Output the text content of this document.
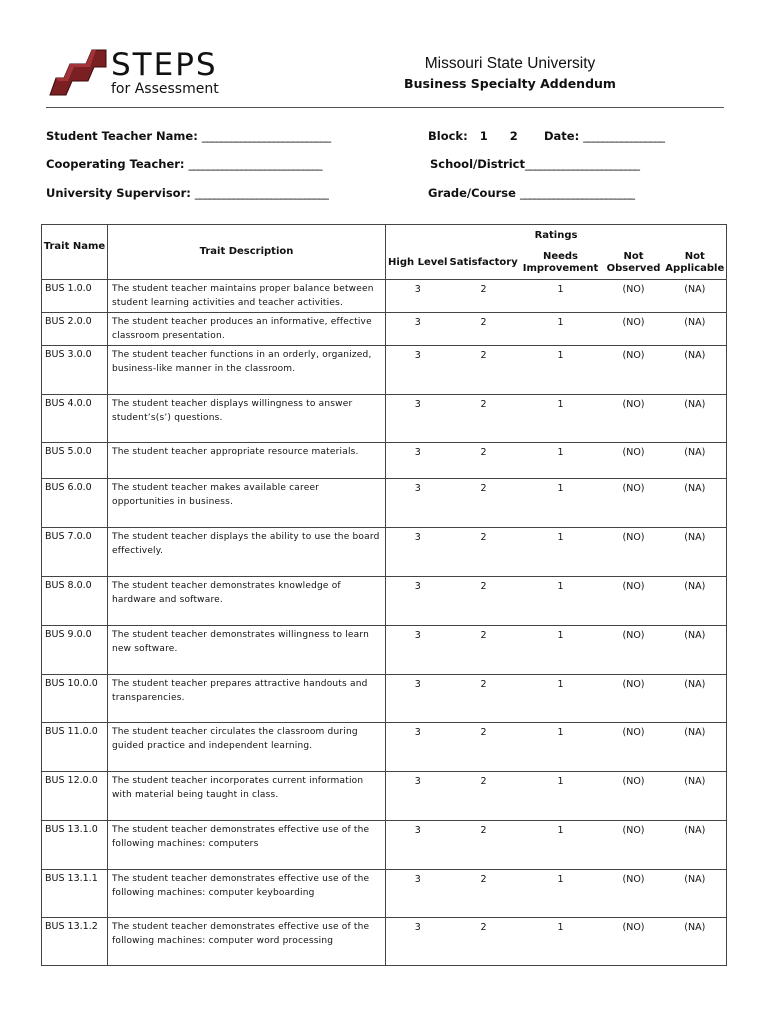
STEPS
for Assessment
Missouri State University
Business Specialty Addendum
Student Teacher Name: ___________________________	Block: 1 2 Date: _________________
Cooperating Teacher: ____________________________	School/District________________________
University Supervisor: ____________________________	Grade/Course ________________________
Trait Name	Trait Description	Ratings				
		High Level	Satisfactory	Needs Improvement	Not Observed	Not Applicable
BUS 1.0.0	The student teacher maintains proper balance between student learning activities and teacher activities.	3	2	1	(NO)	(NA)
BUS 2.0.0	The student teacher produces an informative, effective classroom presentation.	3	2	1	(NO)	(NA)
BUS 3.0.0	The student teacher functions in an orderly, organized, business-like manner in the classroom.	3	2	1	(NO)	(NA)
BUS 4.0.0	The student teacher displays willingness to answer student’s(s’) questions.	3	2	1	(NO)	(NA)
BUS 5.0.0	The student teacher appropriate resource materials.	3	2	1	(NO)	(NA)
BUS 6.0.0	The student teacher makes available career opportunities in business.	3	2	1	(NO)	(NA)
BUS 7.0.0	The student teacher displays the ability to use the board effectively.	3	2	1	(NO)	(NA)
BUS 8.0.0	The student teacher demonstrates knowledge of hardware and software.	3	2	1	(NO)	(NA)
BUS 9.0.0	The student teacher demonstrates willingness to learn new software.	3	2	1	(NO)	(NA)
BUS 10.0.0	The student teacher prepares attractive handouts and transparencies.	3	2	1	(NO)	(NA)
BUS 11.0.0	The student teacher circulates the classroom during guided practice and independent learning.	3	2	1	(NO)	(NA)
BUS 12.0.0	The student teacher incorporates current information with material being taught in class.	3	2	1	(NO)	(NA)
BUS 13.1.0	The student teacher demonstrates effective use of the following machines: computers	3	2	1	(NO)	(NA)
BUS 13.1.1	The student teacher demonstrates effective use of the following machines: computer keyboarding	3	2	1	(NO)	(NA)
BUS 13.1.2	The student teacher demonstrates effective use of the following machines: computer word processing	3	2	1	(NO)	(NA)
